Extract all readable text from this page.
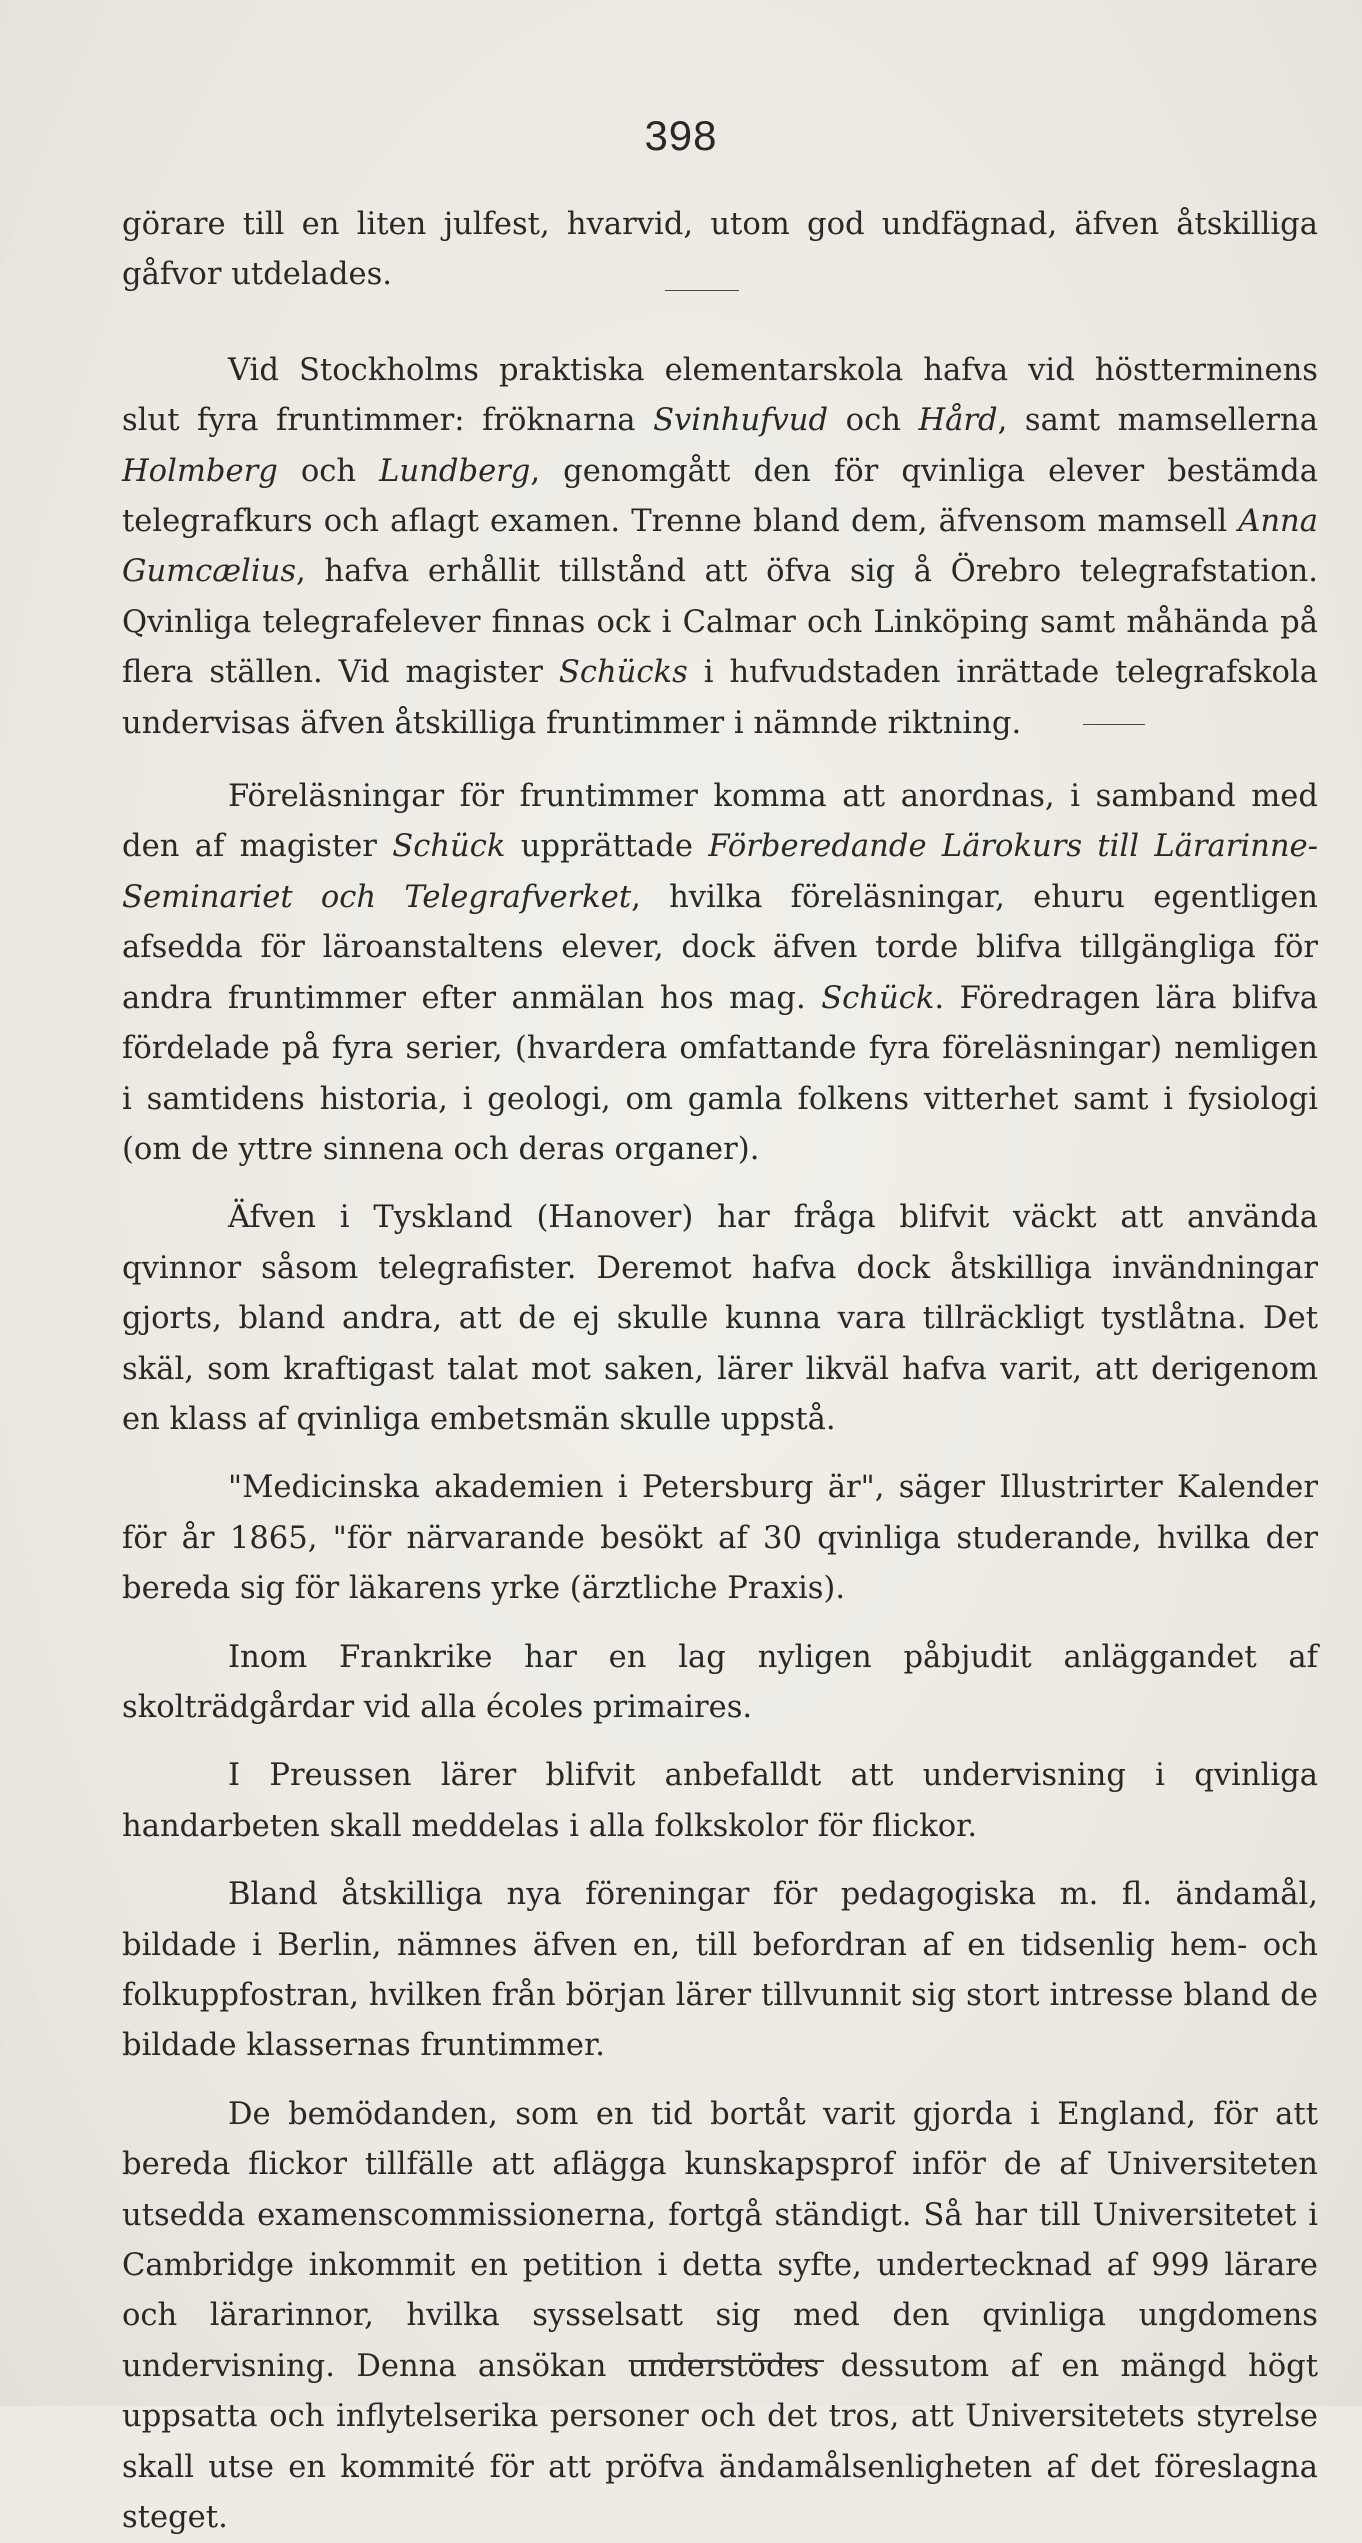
398

görare till en liten julfest, hvarvid, utom god undfägnad, äfven åtskilliga gåfvor utdelades.

Vid Stockholms praktiska elementarskola hafva vid höstterminens slut fyra fruntimmer: fröknarna Svinhufvud och Hård, samt mamsellerna Holmberg och Lundberg, genomgått den för qvinliga elever bestämda telegrafkurs och aflagt examen. Trenne bland dem, äfvensom mamsell Anna Gumcælius, hafva erhållit tillstånd att öfva sig å Örebro telegrafstation. Qvinliga telegrafelever finnas ock i Calmar och Linköping samt måhända på flera ställen. Vid magister Schücks i hufvudstaden inrättade telegrafskola undervisas äfven åtskilliga fruntimmer i nämnde riktning.

Föreläsningar för fruntimmer komma att anordnas, i samband med den af magister Schück upprättade Förberedande Lärokurs till Lärarinne-Seminariet och Telegrafverket, hvilka föreläsningar, ehuru egentligen afsedda för läroanstaltens elever, dock äfven torde blifva tillgängliga för andra fruntimmer efter anmälan hos mag. Schück. Föredragen lära blifva fördelade på fyra serier, (hvardera omfattande fyra föreläsningar) nemligen i samtidens historia, i geologi, om gamla folkens vitterhet samt i fysiologi (om de yttre sinnena och deras organer).

Äfven i Tyskland (Hanover) har fråga blifvit väckt att använda qvinnor såsom telegrafister. Deremot hafva dock åtskilliga invändningar gjorts, bland andra, att de ej skulle kunna vara tillräckligt tystlåtna. Det skäl, som kraftigast talat mot saken, lärer likväl hafva varit, att derigenom en klass af qvinliga embetsmän skulle uppstå.

"Medicinska akademien i Petersburg är", säger Illustrirter Kalender för år 1865, "för närvarande besökt af 30 qvinliga studerande, hvilka der bereda sig för läkarens yrke (ärztliche Praxis).

Inom Frankrike har en lag nyligen påbjudit anläggandet af skolträdgårdar vid alla écoles primaires.

I Preussen lärer blifvit anbefalldt att undervisning i qvinliga handarbeten skall meddelas i alla folkskolor för flickor.

Bland åtskilliga nya föreningar för pedagogiska m. fl. ändamål, bildade i Berlin, nämnes äfven en, till befordran af en tidsenlig hem- och folkuppfostran, hvilken från början lärer tillvunnit sig stort intresse bland de bildade klassernas fruntimmer.

De bemödanden, som en tid bortåt varit gjorda i England, för att bereda flickor tillfälle att aflägga kunskapsprof inför de af Universiteten utsedda examenscommissionerna, fortgå ständigt. Så har till Universitetet i Cambridge inkommit en petition i detta syfte, undertecknad af 999 lärare och lärarinnor, hvilka sysselsatt sig med den qvinliga ungdomens undervisning. Denna ansökan understödes dessutom af en mängd högt uppsatta och inflytelserika personer och det tros, att Universitetets styrelse skall utse en kommité för att pröfva ändamålsenligheten af det föreslagna steget.
